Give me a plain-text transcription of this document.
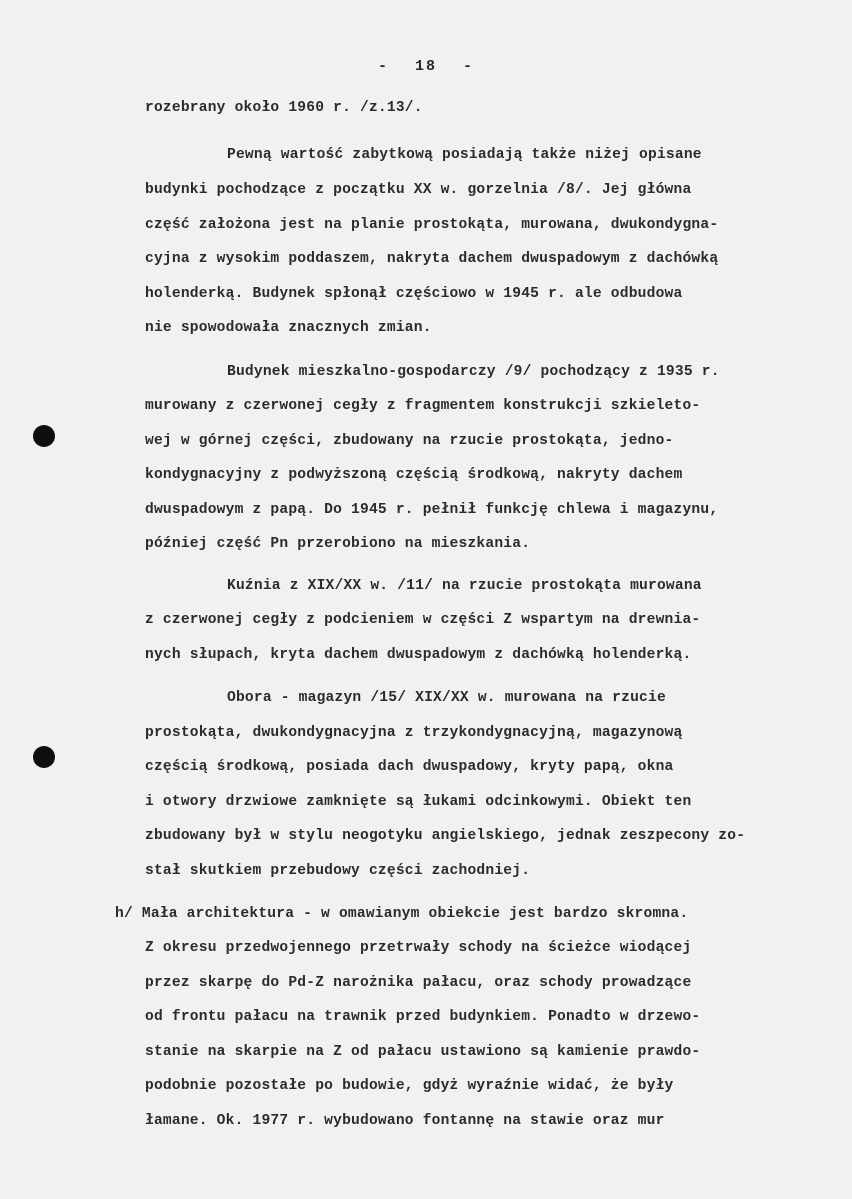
- 18 -
rozebrany około 1960 r. /z.13/.
Pewną wartość zabytkową posiadają także niżej opisane
budynki pochodzące z początku XX w. gorzelnia /8/. Jej główna
część założona jest na planie prostokąta, murowana, dwukondygna-
cyjna z wysokim poddaszem, nakryta dachem dwuspadowym z dachówką
holenderką. Budynek spłonął częściowo w 1945 r. ale odbudowa
nie spowodowała znacznych zmian.
Budynek mieszkalno-gospodarczy /9/ pochodzący z 1935 r.
murowany z czerwonej cegły z fragmentem konstrukcji szkieleto-
wej w górnej części, zbudowany na rzucie prostokąta, jedno-
kondygnacyjny z podwyższoną częścią środkową, nakryty dachem
dwuspadowym z papą. Do 1945 r. pełnił funkcję chlewa i magazynu,
później część Pn przerobiono na mieszkania.
Kuźnia z XIX/XX w. /11/ na rzucie prostokąta murowana
z czerwonej cegły z podcieniem w części Z wspartym na drewnia-
nych słupach, kryta dachem dwuspadowym z dachówką holenderką.
Obora - magazyn /15/ XIX/XX w. murowana na rzucie
prostokąta, dwukondygnacyjna z trzykondygnacyjną, magazynową
częścią środkową, posiada dach dwuspadowy, kryty papą, okna
i otwory drzwiowe zamknięte są łukami odcinkowymi. Obiekt ten
zbudowany był w stylu neogotyku angielskiego, jednak zeszpecony zo-
stał skutkiem przebudowy części zachodniej.
h/ Mała architektura - w omawianym obiekcie jest bardzo skromna.
Z okresu przedwojennego przetrwały schody na ścieżce wiodącej
przez skarpę do Pd-Z narożnika pałacu, oraz schody prowadzące
od frontu pałacu na trawnik przed budynkiem. Ponadto w drzewo-
stanie na skarpie na Z od pałacu ustawiono są kamienie prawdo-
podobnie pozostałe po budowie, gdyż wyraźnie widać, że były
łamane. Ok. 1977 r. wybudowano fontannę na stawie oraz mur
